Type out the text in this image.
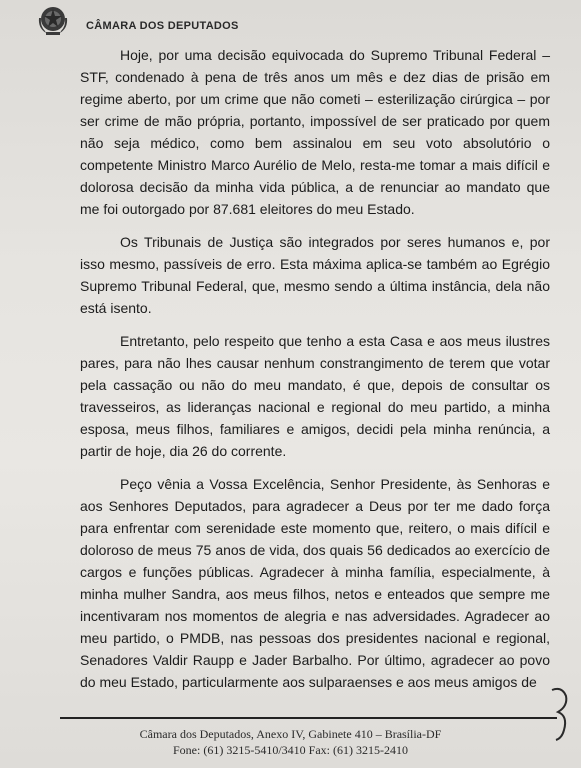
CÂMARA DOS DEPUTADOS

Hoje, por uma decisão equivocada do Supremo Tribunal Federal – STF, condenado à pena de três anos um mês e dez dias de prisão em regime aberto, por um crime que não cometi – esterilização cirúrgica – por ser crime de mão própria, portanto, impossível de ser praticado por quem não seja médico, como bem assinalou em seu voto absolutório o competente Ministro Marco Aurélio de Melo, resta-me tomar a mais difícil e dolorosa decisão da minha vida pública, a de renunciar ao mandato que me foi outorgado por 87.681 eleitores do meu Estado.

Os Tribunais de Justiça são integrados por seres humanos e, por isso mesmo, passíveis de erro. Esta máxima aplica-se também ao Egrégio Supremo Tribunal Federal, que, mesmo sendo a última instância, dela não está isento.

Entretanto, pelo respeito que tenho a esta Casa e aos meus ilustres pares, para não lhes causar nenhum constrangimento de terem que votar pela cassação ou não do meu mandato, é que, depois de consultar os travesseiros, as lideranças nacional e regional do meu partido, a minha esposa, meus filhos, familiares e amigos, decidi pela minha renúncia, a partir de hoje, dia 26 do corrente.

Peço vênia a Vossa Excelência, Senhor Presidente, às Senhoras e aos Senhores Deputados, para agradecer a Deus por ter me dado força para enfrentar com serenidade este momento que, reitero, o mais difícil e doloroso de meus 75 anos de vida, dos quais 56 dedicados ao exercício de cargos e funções públicas. Agradecer à minha família, especialmente, à minha mulher Sandra, aos meus filhos, netos e enteados que sempre me incentivaram nos momentos de alegria e nas adversidades. Agradecer ao meu partido, o PMDB, nas pessoas dos presidentes nacional e regional, Senadores Valdir Raupp e Jader Barbalho. Por último, agradecer ao povo do meu Estado, particularmente aos sulparaenses e aos meus amigos de

Câmara dos Deputados, Anexo IV, Gabinete 410 – Brasília-DF
Fone: (61) 3215-5410/3410 Fax: (61) 3215-2410
